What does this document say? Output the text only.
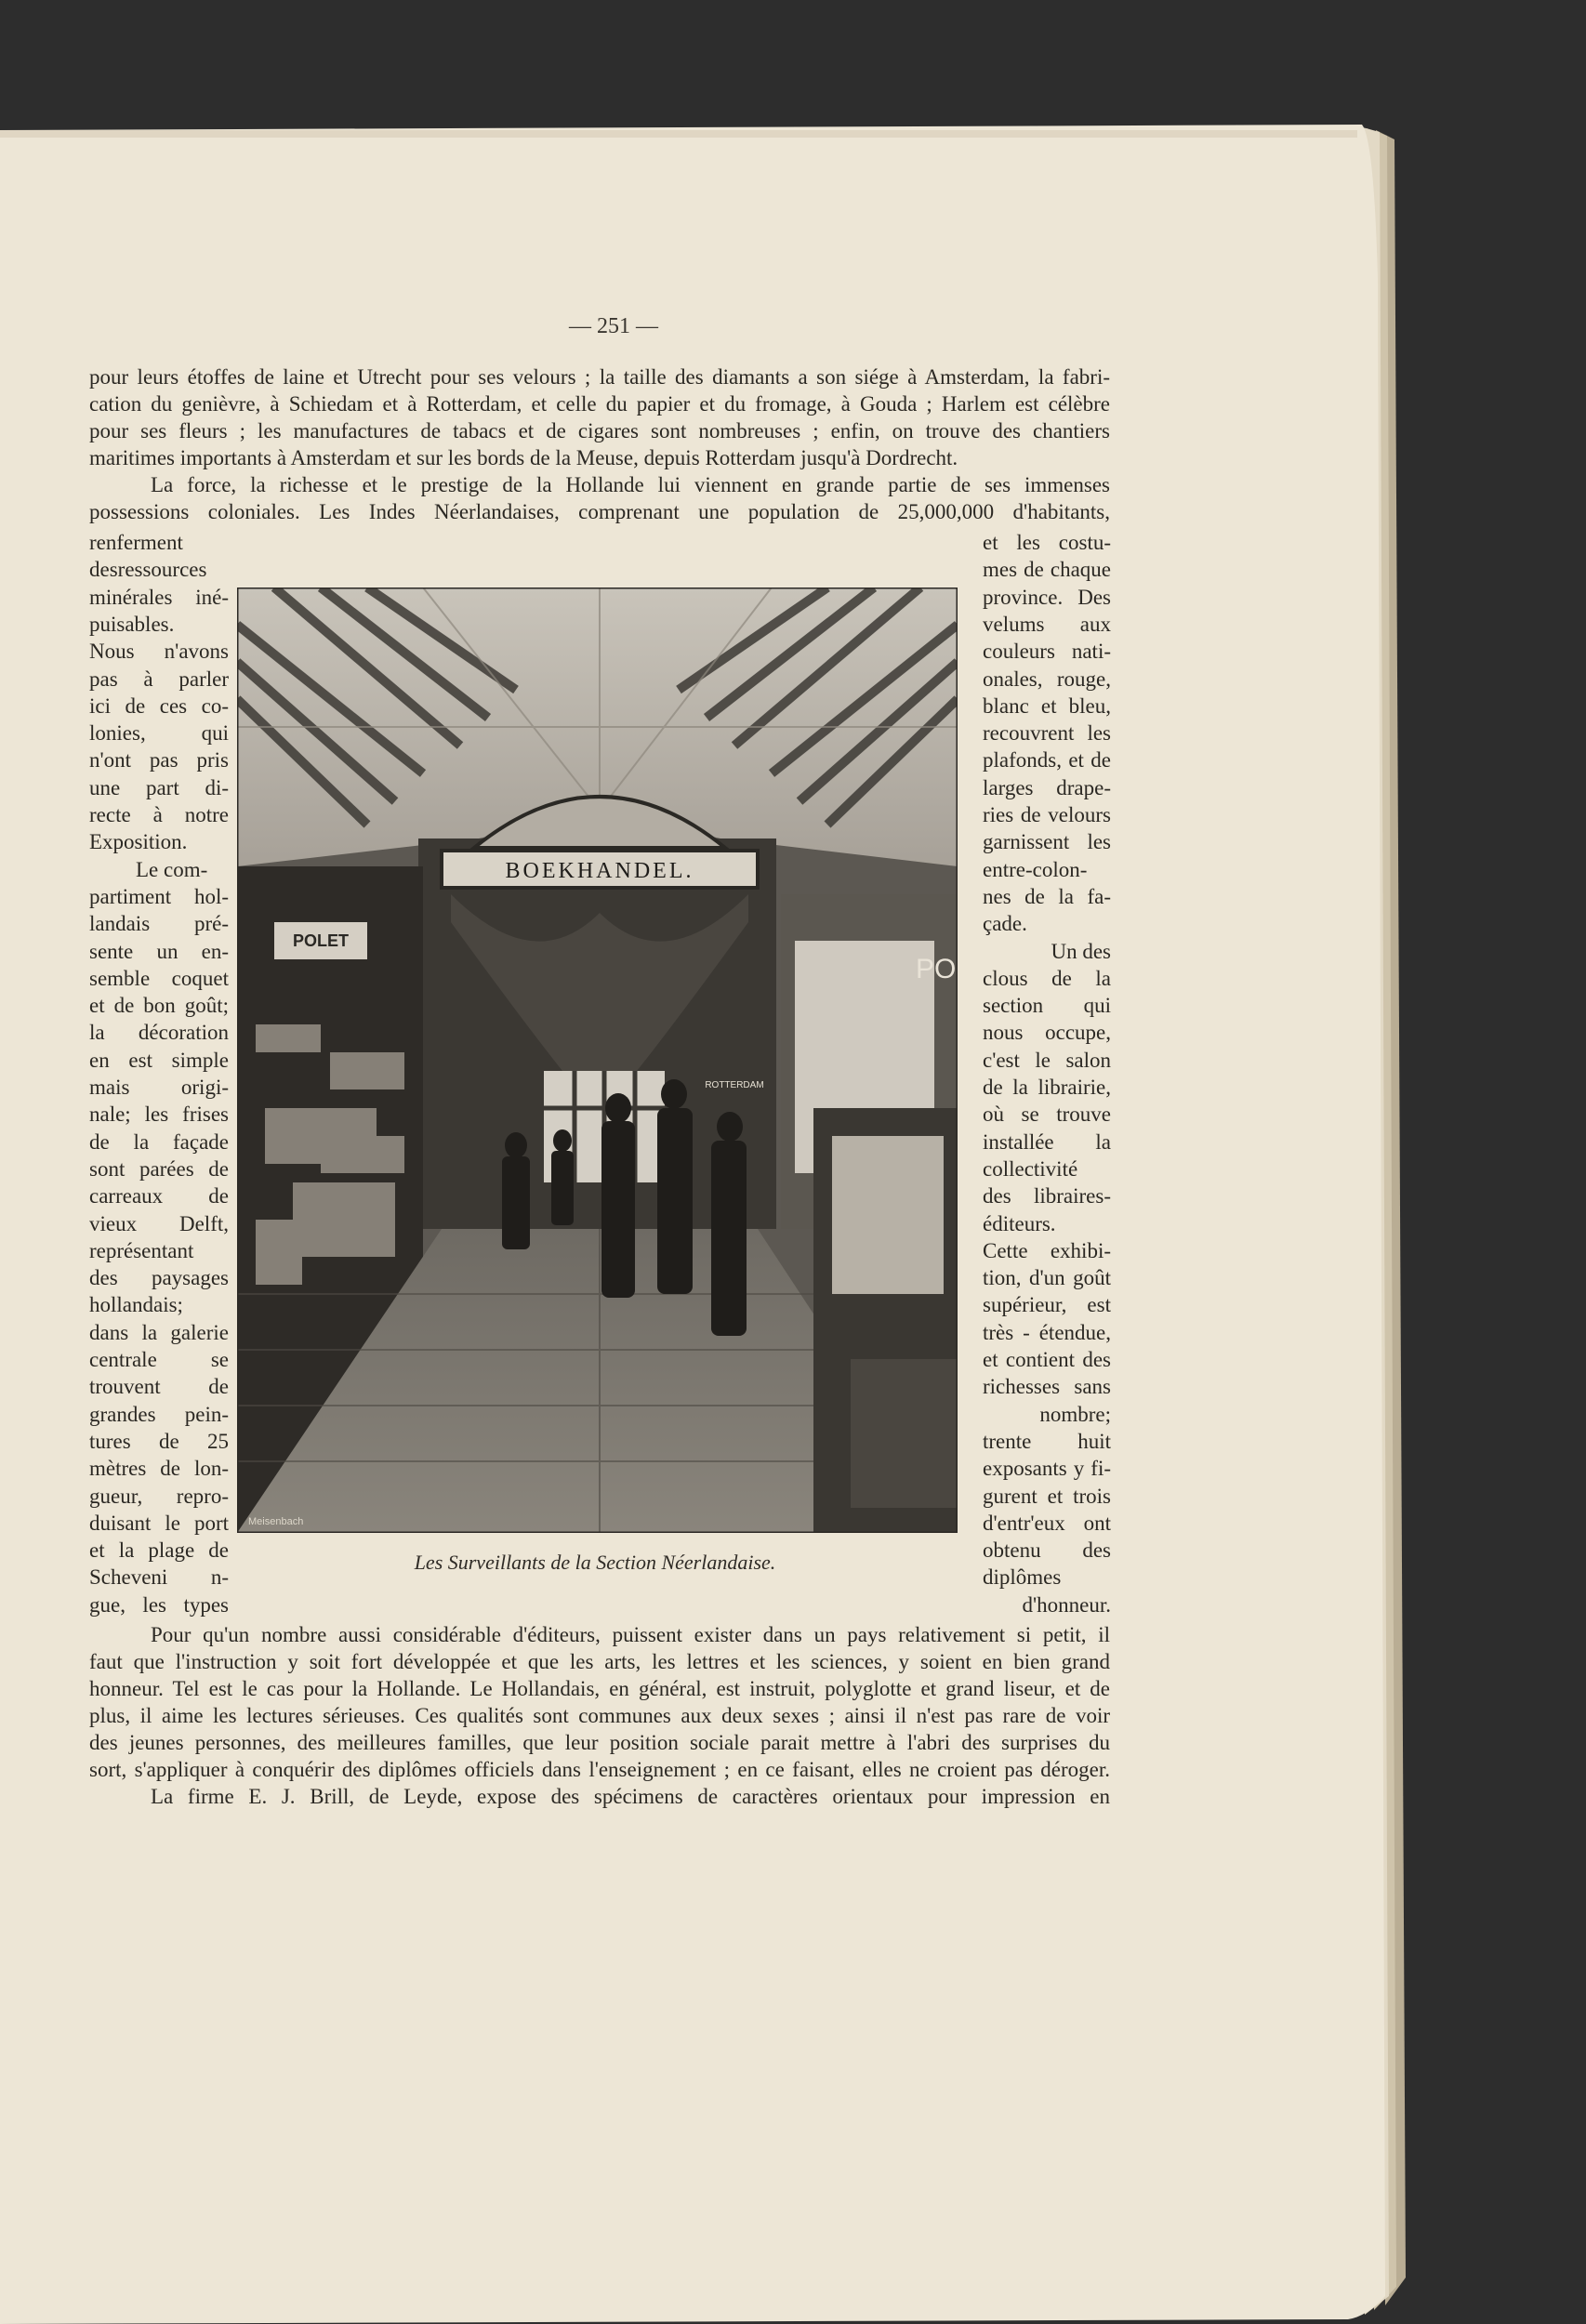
— 251 —
pour leurs étoffes de laine et Utrecht pour ses velours ; la taille des diamants a son siége à Amsterdam, la fabri-
cation du genièvre, à Schiedam et à Rotterdam, et celle du papier et du fromage, à Gouda ; Harlem est célèbre
pour ses fleurs ; les manufactures de tabacs et de cigares sont nombreuses ; enfin, on trouve des chantiers
maritimes importants à Amsterdam et sur les bords de la Meuse, depuis Rotterdam jusqu'à Dordrecht.
La force, la richesse et le prestige de la Hollande lui viennent en grande partie de ses immenses
possessions coloniales. Les Indes Néerlandaises, comprenant une population de 25,000,000 d'habitants,
renferment
desressources
minérales iné-
puisables.
Nous n'avons
pas à parler
ici de ces co-
lonies, qui
n'ont pas pris
une part di-
recte à notre
Exposition.
Le com-
partiment hol-
landais pré-
sente un en-
semble coquet
et de bon goût;
la décoration
en est simple
mais origi-
nale; les frises
de la façade
sont parées de
carreaux de
vieux Delft,
représentant
des paysages
hollandais;
dans la galerie
centrale se
trouvent de
grandes pein-
tures de 25
mètres de lon-
gueur, repro-
duisant le port
et la plage de
Scheveni n-
gue, les types
et les costu-
mes de chaque
province. Des
velums aux
couleurs nati-
onales, rouge,
blanc et bleu,
recouvrent les
plafonds, et de
larges drape-
ries de velours
garnissent les
entre-colon-
nes de la fa-
çade.
Un des
clous de la
section qui
nous occupe,
c'est le salon
de la librairie,
où se trouve
installée la
collectivité
des libraires-
éditeurs.
Cette exhibi-
tion, d'un goût
supérieur, est
très - étendue,
et contient des
richesses sans
nombre;
trente huit
exposants y fi-
gurent et trois
d'entr'eux ont
obtenu des
diplômes
d'honneur.
Pour qu'un nombre aussi considérable d'éditeurs, puissent exister dans un pays relativement si petit, il
faut que l'instruction y soit fort développée et que les arts, les lettres et les sciences, y soient en bien grand
honneur. Tel est le cas pour la Hollande. Le Hollandais, en général, est instruit, polyglotte et grand liseur, et de
plus, il aime les lectures sérieuses. Ces qualités sont communes aux deux sexes ; ainsi il n'est pas rare de voir
des jeunes personnes, des meilleures familles, que leur position sociale parait mettre à l'abri des surprises du
sort, s'appliquer à conquérir des diplômes officiels dans l'enseignement ; en ce faisant, elles ne croient pas déroger.
La firme E. J. Brill, de Leyde, expose des spécimens de caractères orientaux pour impression en
BOEKHANDEL.
ROTTERDAM
PO
POLET
Meisenbach
Les Surveillants de la Section Néerlandaise.
